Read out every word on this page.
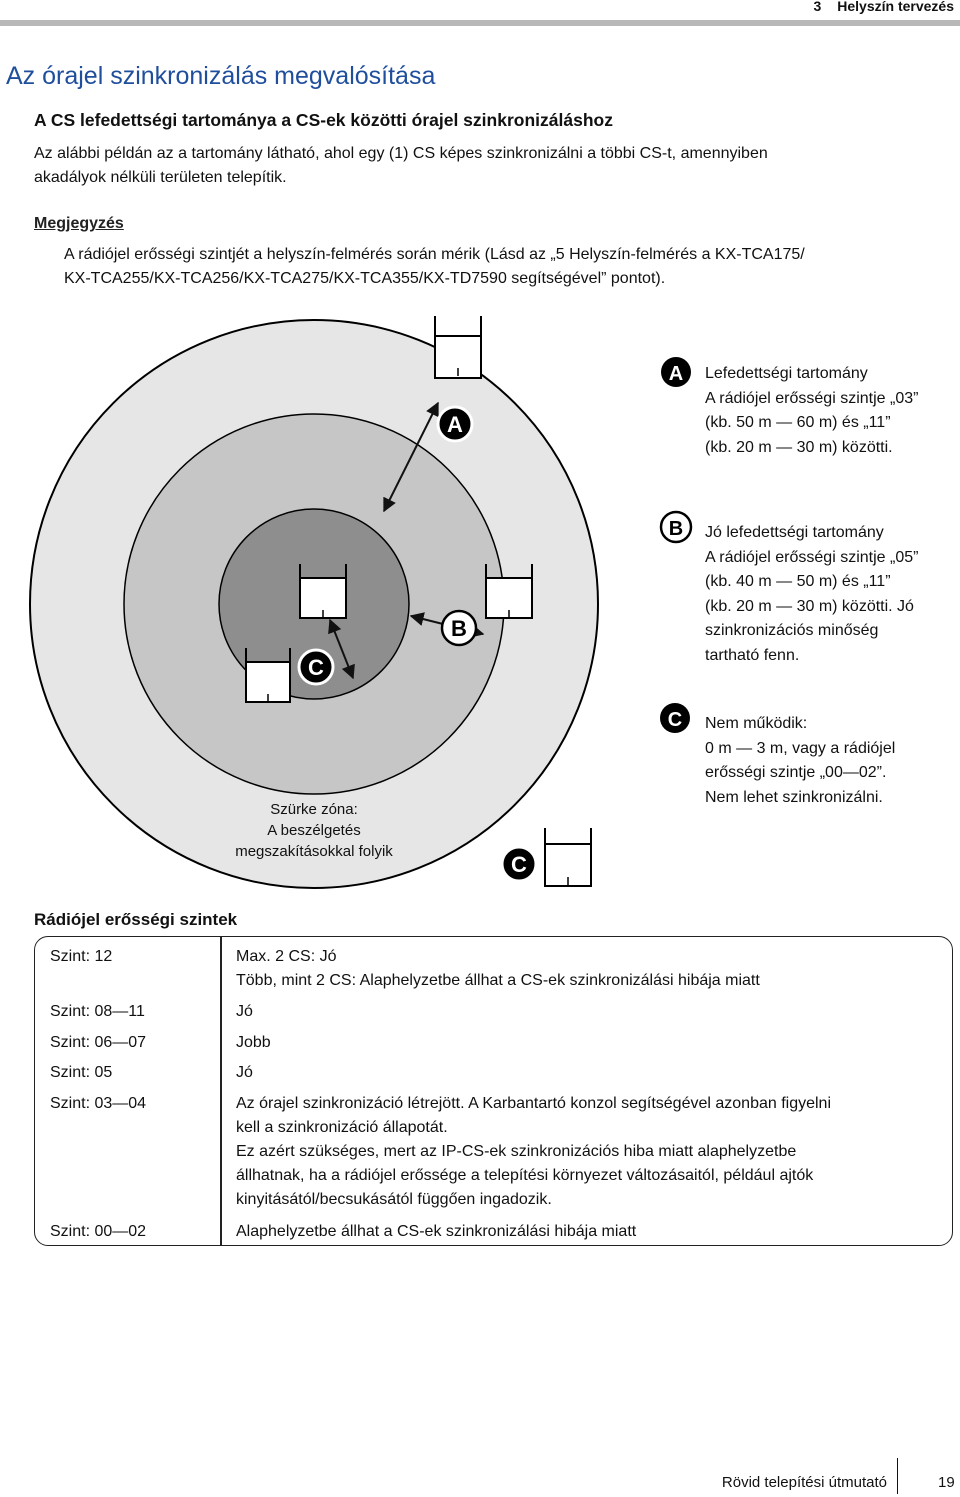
3 Helyszín tervezés
Az órajel szinkronizálás megvalósítása
A CS lefedettségi tartománya a CS-ek közötti órajel szinkronizáláshoz
Az alábbi példán az a tartomány látható, ahol egy (1) CS képes szinkronizálni a többi CS-t, amennyiben
akadályok nélküli területen telepítik.
Megjegyzés
A rádiójel erősségi szintjét a helyszín-felmérés során mérik (Lásd az „5 Helyszín-felmérés a KX-TCA175/
KX-TCA255/KX-TCA256/KX-TCA275/KX-TCA355/KX-TD7590 segítségével” pontot).
A
B
C
C
A
B
C
Szürke zóna:
A beszélgetés
megszakításokkal folyik
Lefedettségi tartomány
A rádiójel erősségi szintje „03”
(kb. 50 m — 60 m) és „11”
(kb. 20 m — 30 m) közötti.
Jó lefedettségi tartomány
A rádiójel erősségi szintje „05”
(kb. 40 m — 50 m) és „11”
(kb. 20 m — 30 m) közötti. Jó
szinkronizációs minőség
tartható fenn.
Nem működik:
0 m — 3 m, vagy a rádiójel
erősségi szintje „00—02”.
Nem lehet szinkronizálni.
Rádiójel erősségi szintek
Szint: 12	Max. 2 CS: Jó
Több, mint 2 CS: Alaphelyzetbe állhat a CS-ek szinkronizálási hibája miatt
Szint: 08—11	Jó
Szint: 06—07	Jobb
Szint: 05	Jó
Szint: 03—04	Az órajel szinkronizáció létrejött. A Karbantartó konzol segítségével azonban figyelni
kell a szinkronizáció állapotát.
Ez azért szükséges, mert az IP-CS-ek szinkronizációs hiba miatt alaphelyzetbe
állhatnak, ha a rádiójel erőssége a telepítési környezet változásaitól, például ajtók
kinyitásától/becsukásától függően ingadozik.
Szint: 00—02	Alaphelyzetbe állhat a CS-ek szinkronizálási hibája miatt
Rövid telepítési útmutató	19
